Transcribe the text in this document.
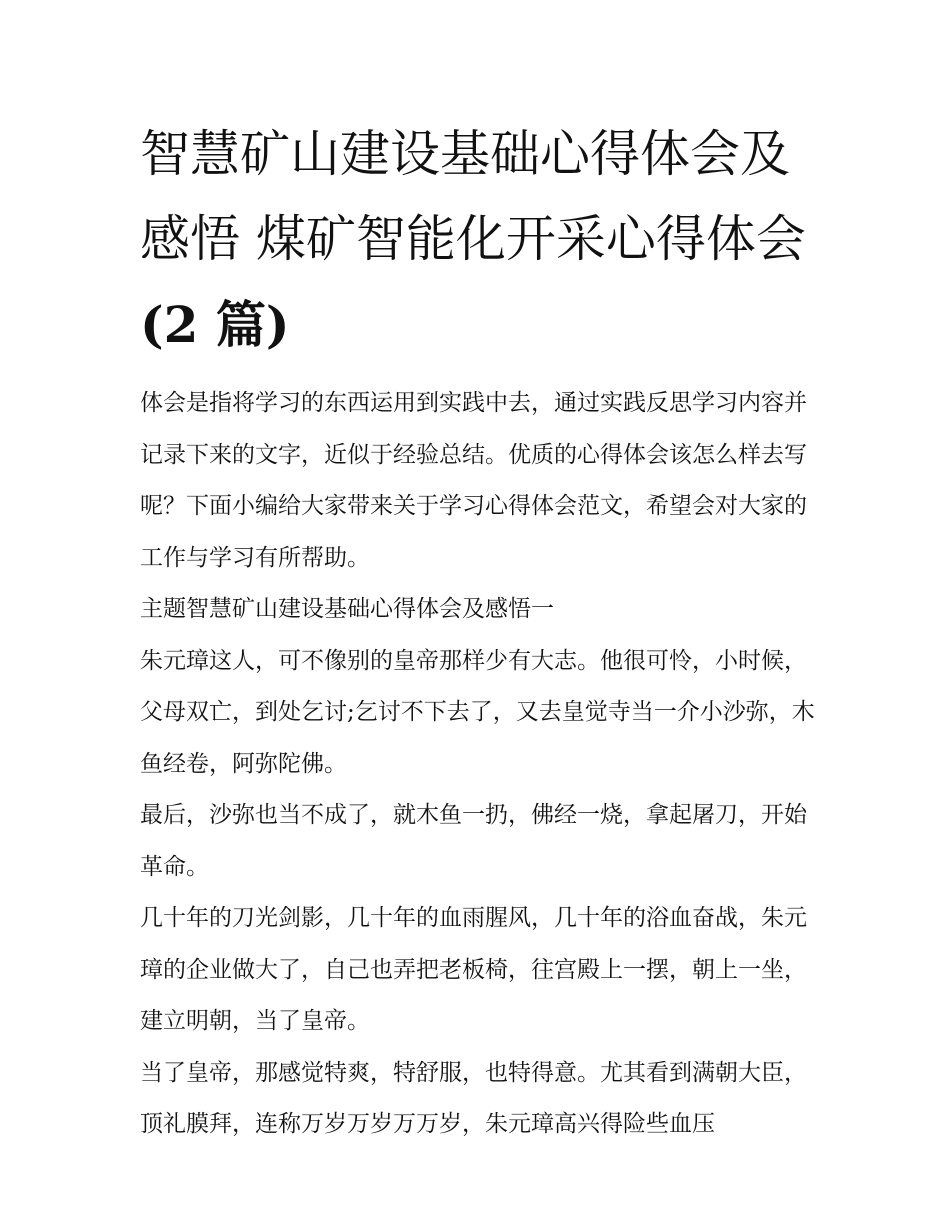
智慧矿山建设基础心得体会及
感悟 煤矿智能化开采心得体会
(2 篇)

体会是指将学习的东西运用到实践中去，通过实践反思学习内容并记录下来的文字，近似于经验总结。优质的心得体会该怎么样去写呢？下面小编给大家带来关于学习心得体会范文，希望会对大家的工作与学习有所帮助。

主题智慧矿山建设基础心得体会及感悟一

朱元璋这人，可不像别的皇帝那样少有大志。他很可怜，小时候，父母双亡，到处乞讨;乞讨不下去了，又去皇觉寺当一介小沙弥，木鱼经卷，阿弥陀佛。

最后，沙弥也当不成了，就木鱼一扔，佛经一烧，拿起屠刀，开始革命。

几十年的刀光剑影，几十年的血雨腥风，几十年的浴血奋战，朱元璋的企业做大了，自己也弄把老板椅，往宫殿上一摆，朝上一坐，建立明朝，当了皇帝。

当了皇帝，那感觉特爽，特舒服，也特得意。尤其看到满朝大臣，顶礼膜拜，连称万岁万岁万万岁，朱元璋高兴得险些血压
